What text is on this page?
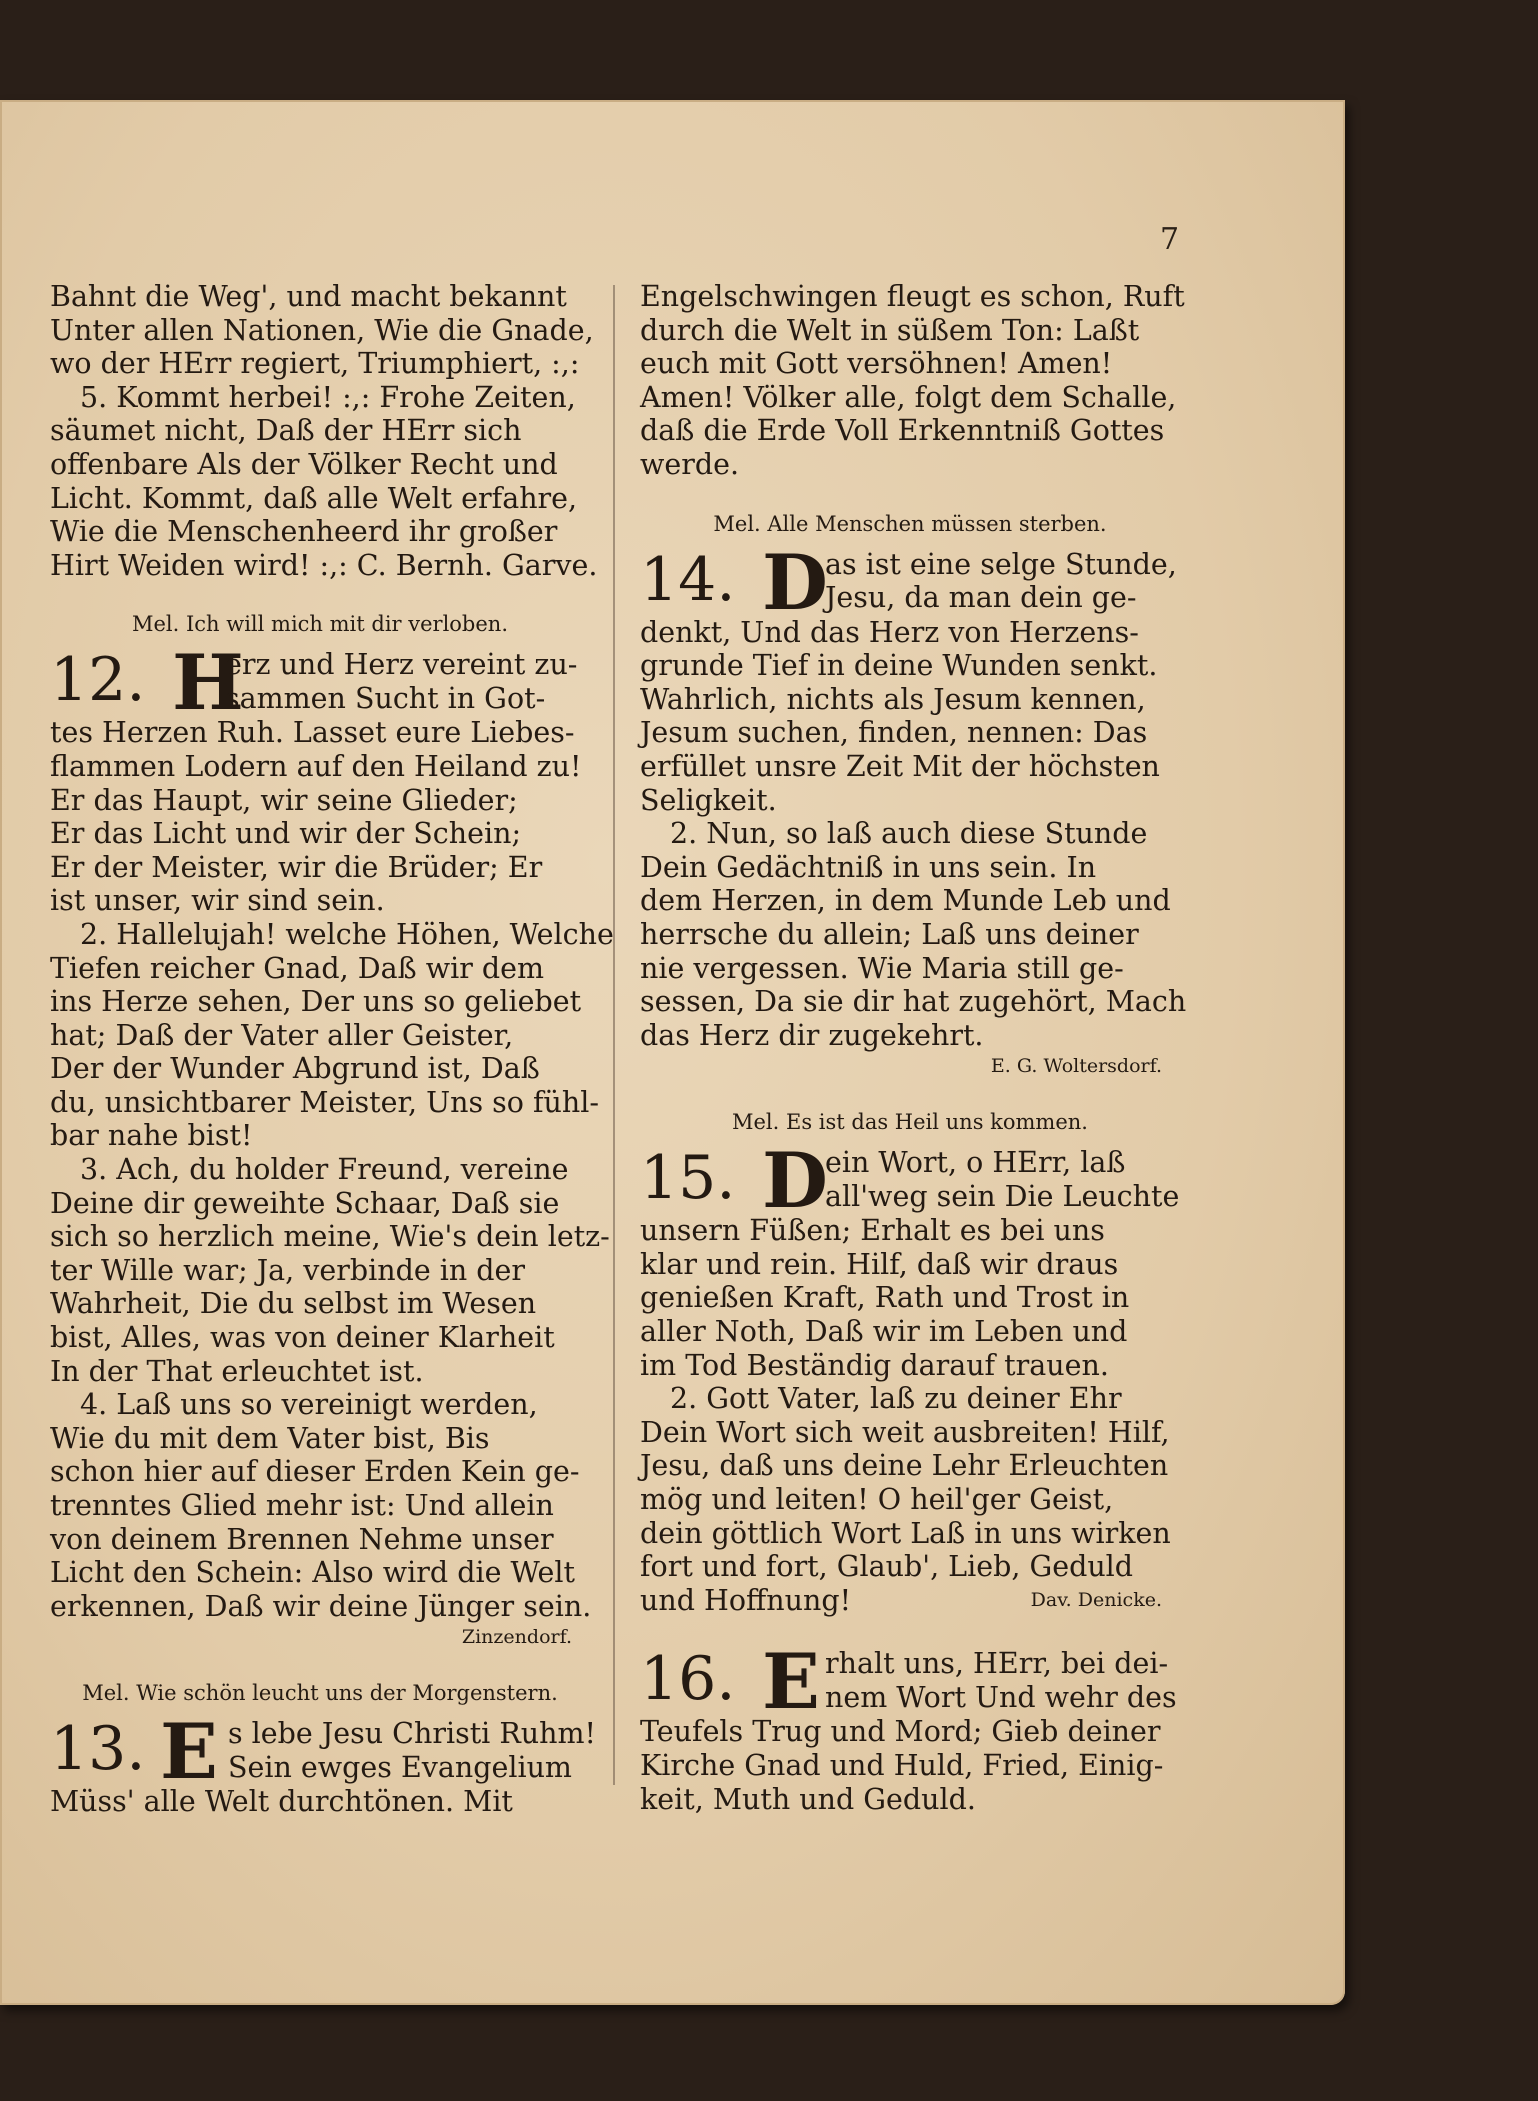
7
Bahnt die Weg', und macht bekannt
Unter allen Nationen, Wie die Gnade,
wo der HErr regiert, Triumphiert, :,:
5. Kommt herbei! :,: Frohe Zeiten,
säumet nicht, Daß der HErr sich
offenbare Als der Völker Recht und
Licht. Kommt, daß alle Welt erfahre,
Wie die Menschenheerd ihr großer
Hirt Weiden wird! :,: C. Bernh. Garve.
Mel. Ich will mich mit dir verloben.
12. H
erz und Herz vereint zu-
sammen Sucht in Got-
tes Herzen Ruh. Lasset eure Liebes-
flammen Lodern auf den Heiland zu!
Er das Haupt, wir seine Glieder;
Er das Licht und wir der Schein;
Er der Meister, wir die Brüder; Er
ist unser, wir sind sein.
2. Hallelujah! welche Höhen, Welche
Tiefen reicher Gnad, Daß wir dem
ins Herze sehen, Der uns so geliebet
hat; Daß der Vater aller Geister,
Der der Wunder Abgrund ist, Daß
du, unsichtbarer Meister, Uns so fühl-
bar nahe bist!
3. Ach, du holder Freund, vereine
Deine dir geweihte Schaar, Daß sie
sich so herzlich meine, Wie's dein letz-
ter Wille war; Ja, verbinde in der
Wahrheit, Die du selbst im Wesen
bist, Alles, was von deiner Klarheit
In der That erleuchtet ist.
4. Laß uns so vereinigt werden,
Wie du mit dem Vater bist, Bis
schon hier auf dieser Erden Kein ge-
trenntes Glied mehr ist: Und allein
von deinem Brennen Nehme unser
Licht den Schein: Also wird die Welt
erkennen, Daß wir deine Jünger sein.
Zinzendorf.
Mel. Wie schön leucht uns der Morgenstern.
13. E s lebe Jesu Christi Ruhm!
Sein ewges Evangelium
Müss' alle Welt durchtönen. Mit
Engelschwingen fleugt es schon, Ruft
durch die Welt in süßem Ton: Laßt
euch mit Gott versöhnen! Amen!
Amen! Völker alle, folgt dem Schalle,
daß die Erde Voll Erkenntniß Gottes
werde.
Mel. Alle Menschen müssen sterben.
14. D
as ist eine selge Stunde,
Jesu, da man dein ge-
denkt, Und das Herz von Herzens-
grunde Tief in deine Wunden senkt.
Wahrlich, nichts als Jesum kennen,
Jesum suchen, finden, nennen: Das
erfüllet unsre Zeit Mit der höchsten
Seligkeit.
2. Nun, so laß auch diese Stunde
Dein Gedächtniß in uns sein. In
dem Herzen, in dem Munde Leb und
herrsche du allein; Laß uns deiner
nie vergessen. Wie Maria still ge-
sessen, Da sie dir hat zugehört, Mach
das Herz dir zugekehrt.
E. G. Woltersdorf.
Mel. Es ist das Heil uns kommen.
15. D
ein Wort, o HErr, laß
all'weg sein Die Leuchte
unsern Füßen; Erhalt es bei uns
klar und rein. Hilf, daß wir draus
genießen Kraft, Rath und Trost in
aller Noth, Daß wir im Leben und
im Tod Beständig darauf trauen.
2. Gott Vater, laß zu deiner Ehr
Dein Wort sich weit ausbreiten! Hilf,
Jesu, daß uns deine Lehr Erleuchten
mög und leiten! O heil'ger Geist,
dein göttlich Wort Laß in uns wirken
fort und fort, Glaub', Lieb, Geduld
und Hoffnung!	Dav. Denicke.
16. E rhalt uns, HErr, bei dei-
nem Wort Und wehr des
Teufels Trug und Mord; Gieb deiner
Kirche Gnad und Huld, Fried, Einig-
keit, Muth und Geduld.
